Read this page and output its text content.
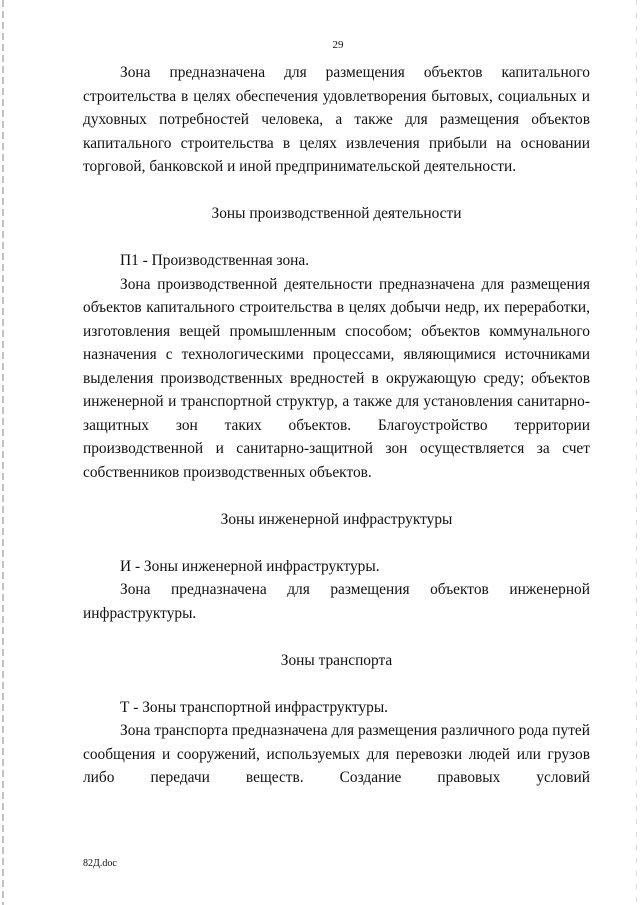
29

Зона предназначена для размещения объектов капитального строительства в целях обеспечения удовлетворения бытовых, социальных и духовных потребностей человека, а также для размещения объектов капитального строительства в целях извлечения прибыли на основании торговой, банковской и иной предпринимательской деятельности.

Зоны производственной деятельности

П1 - Производственная зона.

Зона производственной деятельности предназначена для размещения объектов капитального строительства в целях добычи недр, их переработки, изготовления вещей промышленным способом; объектов коммунального назначения с технологическими процессами, являющимися источниками выделения производственных вредностей в окружающую среду; объектов инженерной и транспортной структур, а также для установления санитарно-защитных зон таких объектов. Благоустройство территории производственной и санитарно-защитной зон осуществляется за счет собственников производственных объектов.

Зоны инженерной инфраструктуры

И - Зоны инженерной инфраструктуры.

Зона предназначена для размещения объектов инженерной инфраструктуры.

Зоны транспорта

Т - Зоны транспортной инфраструктуры.

Зона транспорта предназначена для размещения различного рода путей сообщения и сооружений, используемых для перевозки людей или грузов либо передачи веществ. Создание правовых условий

82Д.doc
